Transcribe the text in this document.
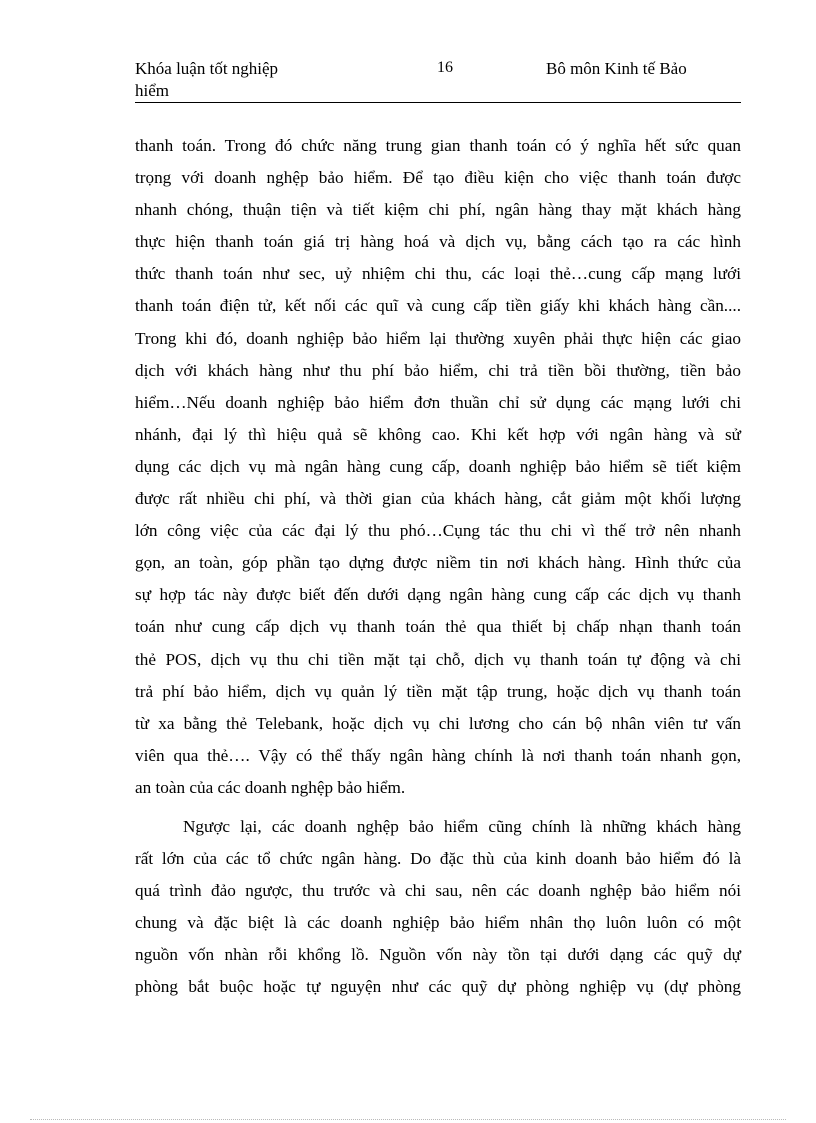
Khóa luận tốt nghiệp hiểm
16	Bô môn Kinh tế Bảo
thanh toán. Trong đó chức năng trung gian thanh toán có ý nghĩa hết sức quan
trọng với doanh nghệp bảo hiểm. Để tạo điều kiện cho việc thanh toán được
nhanh chóng, thuận tiện và tiết kiệm chi phí, ngân hàng thay mặt khách hàng
thực hiện thanh toán giá trị hàng hoá và dịch vụ, bằng cách tạo ra các hình
thức thanh toán như sec, uỷ nhiệm chi thu, các loại thẻ…cung cấp mạng lưới
thanh toán điện tử, kết nối các quĩ và cung cấp tiền giấy khi khách hàng cần....
Trong khi đó, doanh nghiệp bảo hiểm lại thường xuyên phải thực hiện các giao
dịch với khách hàng như thu phí bảo hiểm, chi trả tiền bồi thường, tiền bảo
hiểm…Nếu doanh nghiệp bảo hiểm đơn thuần chỉ sử dụng các mạng lưới chi
nhánh, đại lý thì hiệu quả sẽ không cao. Khi kết hợp với ngân hàng và sử
dụng các dịch vụ mà ngân hàng cung cấp, doanh nghiệp bảo hiểm sẽ tiết kiệm
được rất nhiều chi phí, và thời gian của khách hàng, cắt giảm một khối lượng
lớn công việc của các đại lý thu phó…Cụng tác thu chi vì thế trở nên nhanh
gọn, an toàn, góp phần tạo dựng được niềm tin nơi khách hàng. Hình thức của
sự hợp tác này được biết đến dưới dạng ngân hàng cung cấp các dịch vụ thanh
toán như cung cấp dịch vụ thanh toán thẻ qua thiết bị chấp nhạn thanh toán
thẻ POS, dịch vụ thu chi tiền mặt tại chỗ, dịch vụ thanh toán tự động và chi
trả phí bảo hiểm, dịch vụ quản lý tiền mặt tập trung, hoặc dịch vụ thanh toán
từ xa bằng thẻ Telebank, hoặc dịch vụ chi lương cho cán bộ nhân viên tư vấn
viên qua thẻ…. Vậy có thể thấy ngân hàng chính là nơi thanh toán nhanh gọn,
an toàn của các doanh nghệp bảo hiểm.
Ngược lại, các doanh nghệp bảo hiểm cũng chính là những khách hàng
rất lớn của các tổ chức ngân hàng. Do đặc thù của kinh doanh bảo hiểm đó là
quá trình đảo ngược, thu trước và chi sau, nên các doanh nghệp bảo hiểm nói
chung và đặc biệt là các doanh nghiệp bảo hiểm nhân thọ luôn luôn có một
nguồn vốn nhàn rỗi khổng lồ. Nguồn vốn này tồn tại dưới dạng các quỹ dự
phòng bắt buộc hoặc tự nguyện như các quỹ dự phòng nghiệp vụ (dự phòng
